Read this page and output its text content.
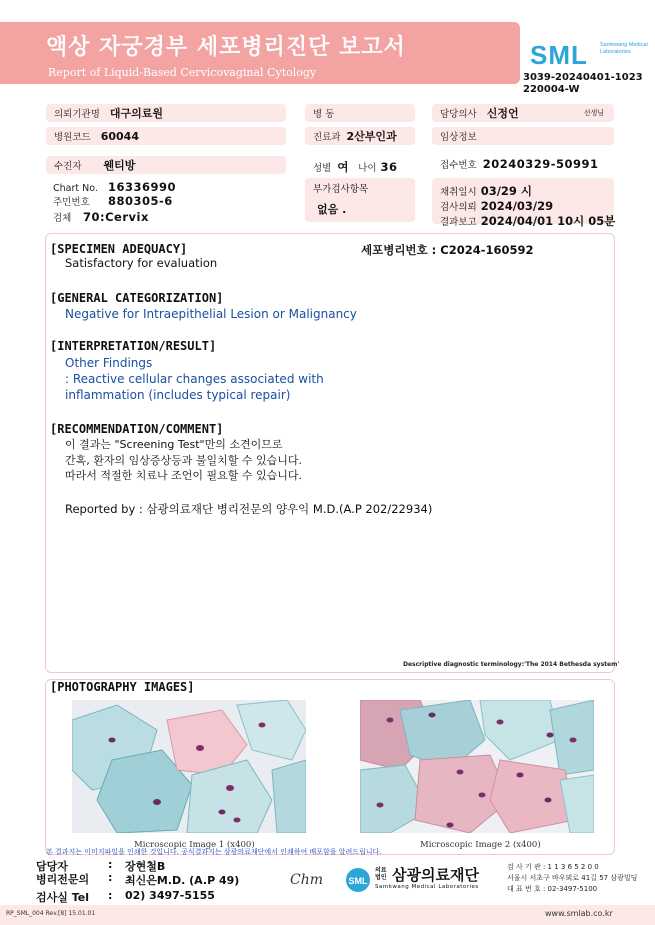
액상 자궁경부 세포병리진단 보고서
Report of Liquid-Based Cervicovaginal Cytology
SML Samkwang Medical Laboratories
3039-20240401-1023
220004-W
의뢰기관명 대구의료원
병원코드 60044
수진자 웬티방
Chart No. 16336990
주민번호 880305-6
검체 70:Cervix
병 동
진료과 2산부인과
성별 여 나이 36
부가검사항목
없음 .
담당의사 신정언	선생님
임상정보
접수번호 20240329-50991
채취일시 03/29 시
검사의뢰 2024/03/29
결과보고 2024/04/01 10시 05분
[SPECIMEN ADEQUACY]	세포병리번호 : C2024-160592
Satisfactory for evaluation
[GENERAL CATEGORIZATION]
Negative for Intraepithelial Lesion or Malignancy
[INTERPRETATION/RESULT]
Other Findings
: Reactive cellular changes associated with
inflammation (includes typical repair)
[RECOMMENDATION/COMMENT]
이 결과는 "Screening Test"만의 소견이므로
간혹, 환자의 임상증상등과 불일치할 수 있습니다.
따라서 적절한 치료나 조언이 필요할 수 있습니다.
Reported by : 삼광의료재단 병리전문의 양우익 M.D.(A.P 202/22934)
Descriptive diagnostic terminology:'The 2014 Bethesda system'
[PHOTOGRAPHY IMAGES]
Microscopic Image 1 (x400)	Microscopic Image 2 (x400)
본 결과지는 이미지파일을 인쇄한 것입니다. 공식결과지는 삼광의료재단에서 인쇄하여 배포함을 알려드립니다.
담당자	: 장현철B
병리전문의 : 최신은M.D. (A.P 49)
검사실 Tel : 02) 3497-5155
Chm	SML
의료법인 삼광의료재단
Samkwang Medical Laboratories
검 사 기 관 : 1 1 3 6 5 2 0 0
서울시 서초구 바우뫼로 41길 57 삼광빌딩
대 표 번 호 : 02-3497-5100
RP_SML_004 Rev.[8] 15.01.01	www.smlab.co.kr
